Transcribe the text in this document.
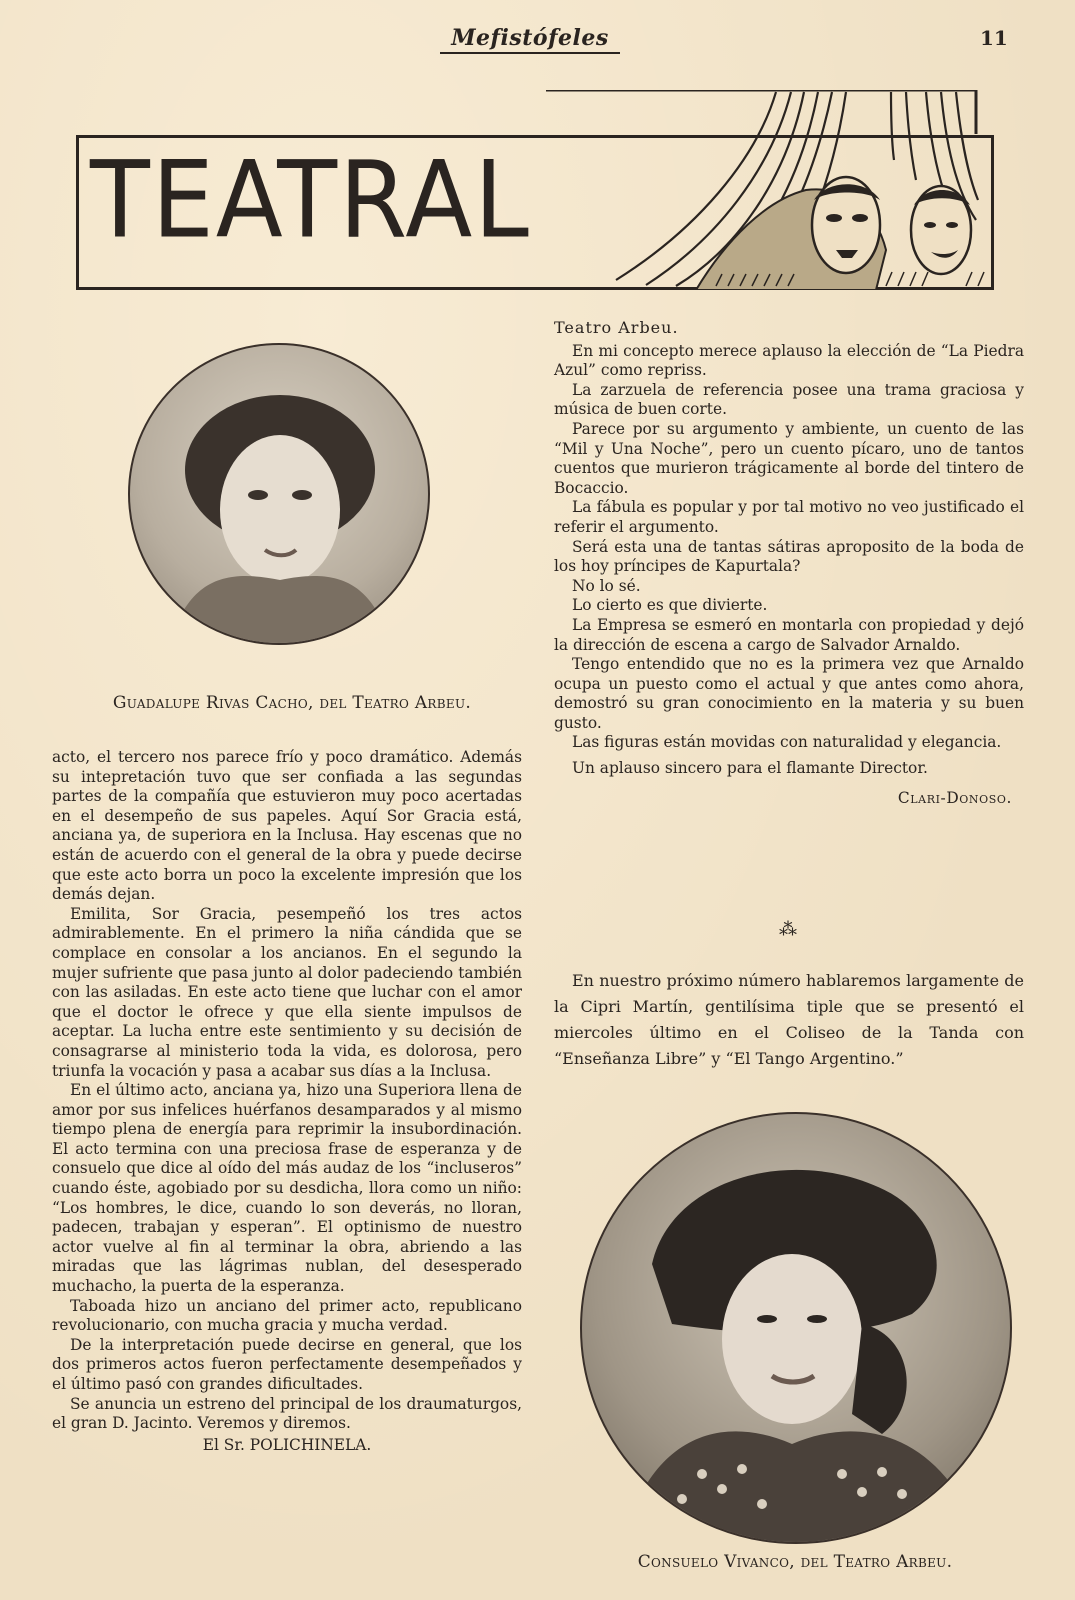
Mefistófeles	11
TEATRAL
Guadalupe Rivas Cacho, del Teatro Arbeu.

acto, el tercero nos parece frío y poco dramático. Además su intepretación tuvo que ser confiada a las segundas partes de la compañía que estuvieron muy poco acertadas en el desempeño de sus papeles. Aquí Sor Gracia está, anciana ya, de superiora en la Inclusa. Hay escenas que no están de acuerdo con el general de la obra y puede decirse que este acto borra un poco la excelente impresión que los demás dejan.

Emilita, Sor Gracia, pesempeñó los tres actos admirablemente. En el primero la niña cándida que se complace en consolar a los ancianos. En el segundo la mujer sufriente que pasa junto al dolor padeciendo también con las asiladas. En este acto tiene que luchar con el amor que el doctor le ofrece y que ella siente impulsos de aceptar. La lucha entre este sentimiento y su decisión de consagrarse al ministerio toda la vida, es dolorosa, pero triunfa la vocación y pasa a acabar sus días a la Inclusa.

En el último acto, anciana ya, hizo una Superiora llena de amor por sus infelices huérfanos desamparados y al mismo tiempo plena de energía para reprimir la insubordinación. El acto termina con una preciosa frase de esperanza y de consuelo que dice al oído del más audaz de los “incluseros” cuando éste, agobiado por su desdicha, llora como un niño: “Los hombres, le dice, cuando lo son deverás, no lloran, padecen, trabajan y esperan”. El optinismo de nuestro actor vuelve al fin al terminar la obra, abriendo a las miradas que las lágrimas nublan, del desesperado muchacho, la puerta de la esperanza.

Taboada hizo un anciano del primer acto, republicano revolucionario, con mucha gracia y mucha verdad.

De la interpretación puede decirse en general, que los dos primeros actos fueron perfectamente desempeñados y el último pasó con grandes dificultades.

Se anuncia un estreno del principal de los draumaturgos, el gran D. Jacinto. Veremos y diremos.

El Sr. POLICHINELA.
Teatro Arbeu.

En mi concepto merece aplauso la elección de “La Piedra Azul” como repriss.

La zarzuela de referencia posee una trama graciosa y música de buen corte.

Parece por su argumento y ambiente, un cuento de las “Mil y Una Noche”, pero un cuento pícaro, uno de tantos cuentos que murieron trágicamente al borde del tintero de Bocaccio.

La fábula es popular y por tal motivo no veo justificado el referir el argumento.

Será esta una de tantas sátiras aproposito de la boda de los hoy príncipes de Kapurtala?

No lo sé.

Lo cierto es que divierte.

La Empresa se esmeró en montarla con propiedad y dejó la dirección de escena a cargo de Salvador Arnaldo.

Tengo entendido que no es la primera vez que Arnaldo ocupa un puesto como el actual y que antes como ahora, demostró su gran conocimiento en la materia y su buen gusto.

Las figuras están movidas con naturalidad y elegancia.

Un aplauso sincero para el flamante Director.

Clari-Donoso.
⁂

En nuestro próximo número hablaremos largamente de la Cipri Martín, gentilísima tiple que se presentó el miercoles último en el Coliseo de la Tanda con “Enseñanza Libre” y “El Tango Argentino.”

Consuelo Vivanco, del Teatro Arbeu.
